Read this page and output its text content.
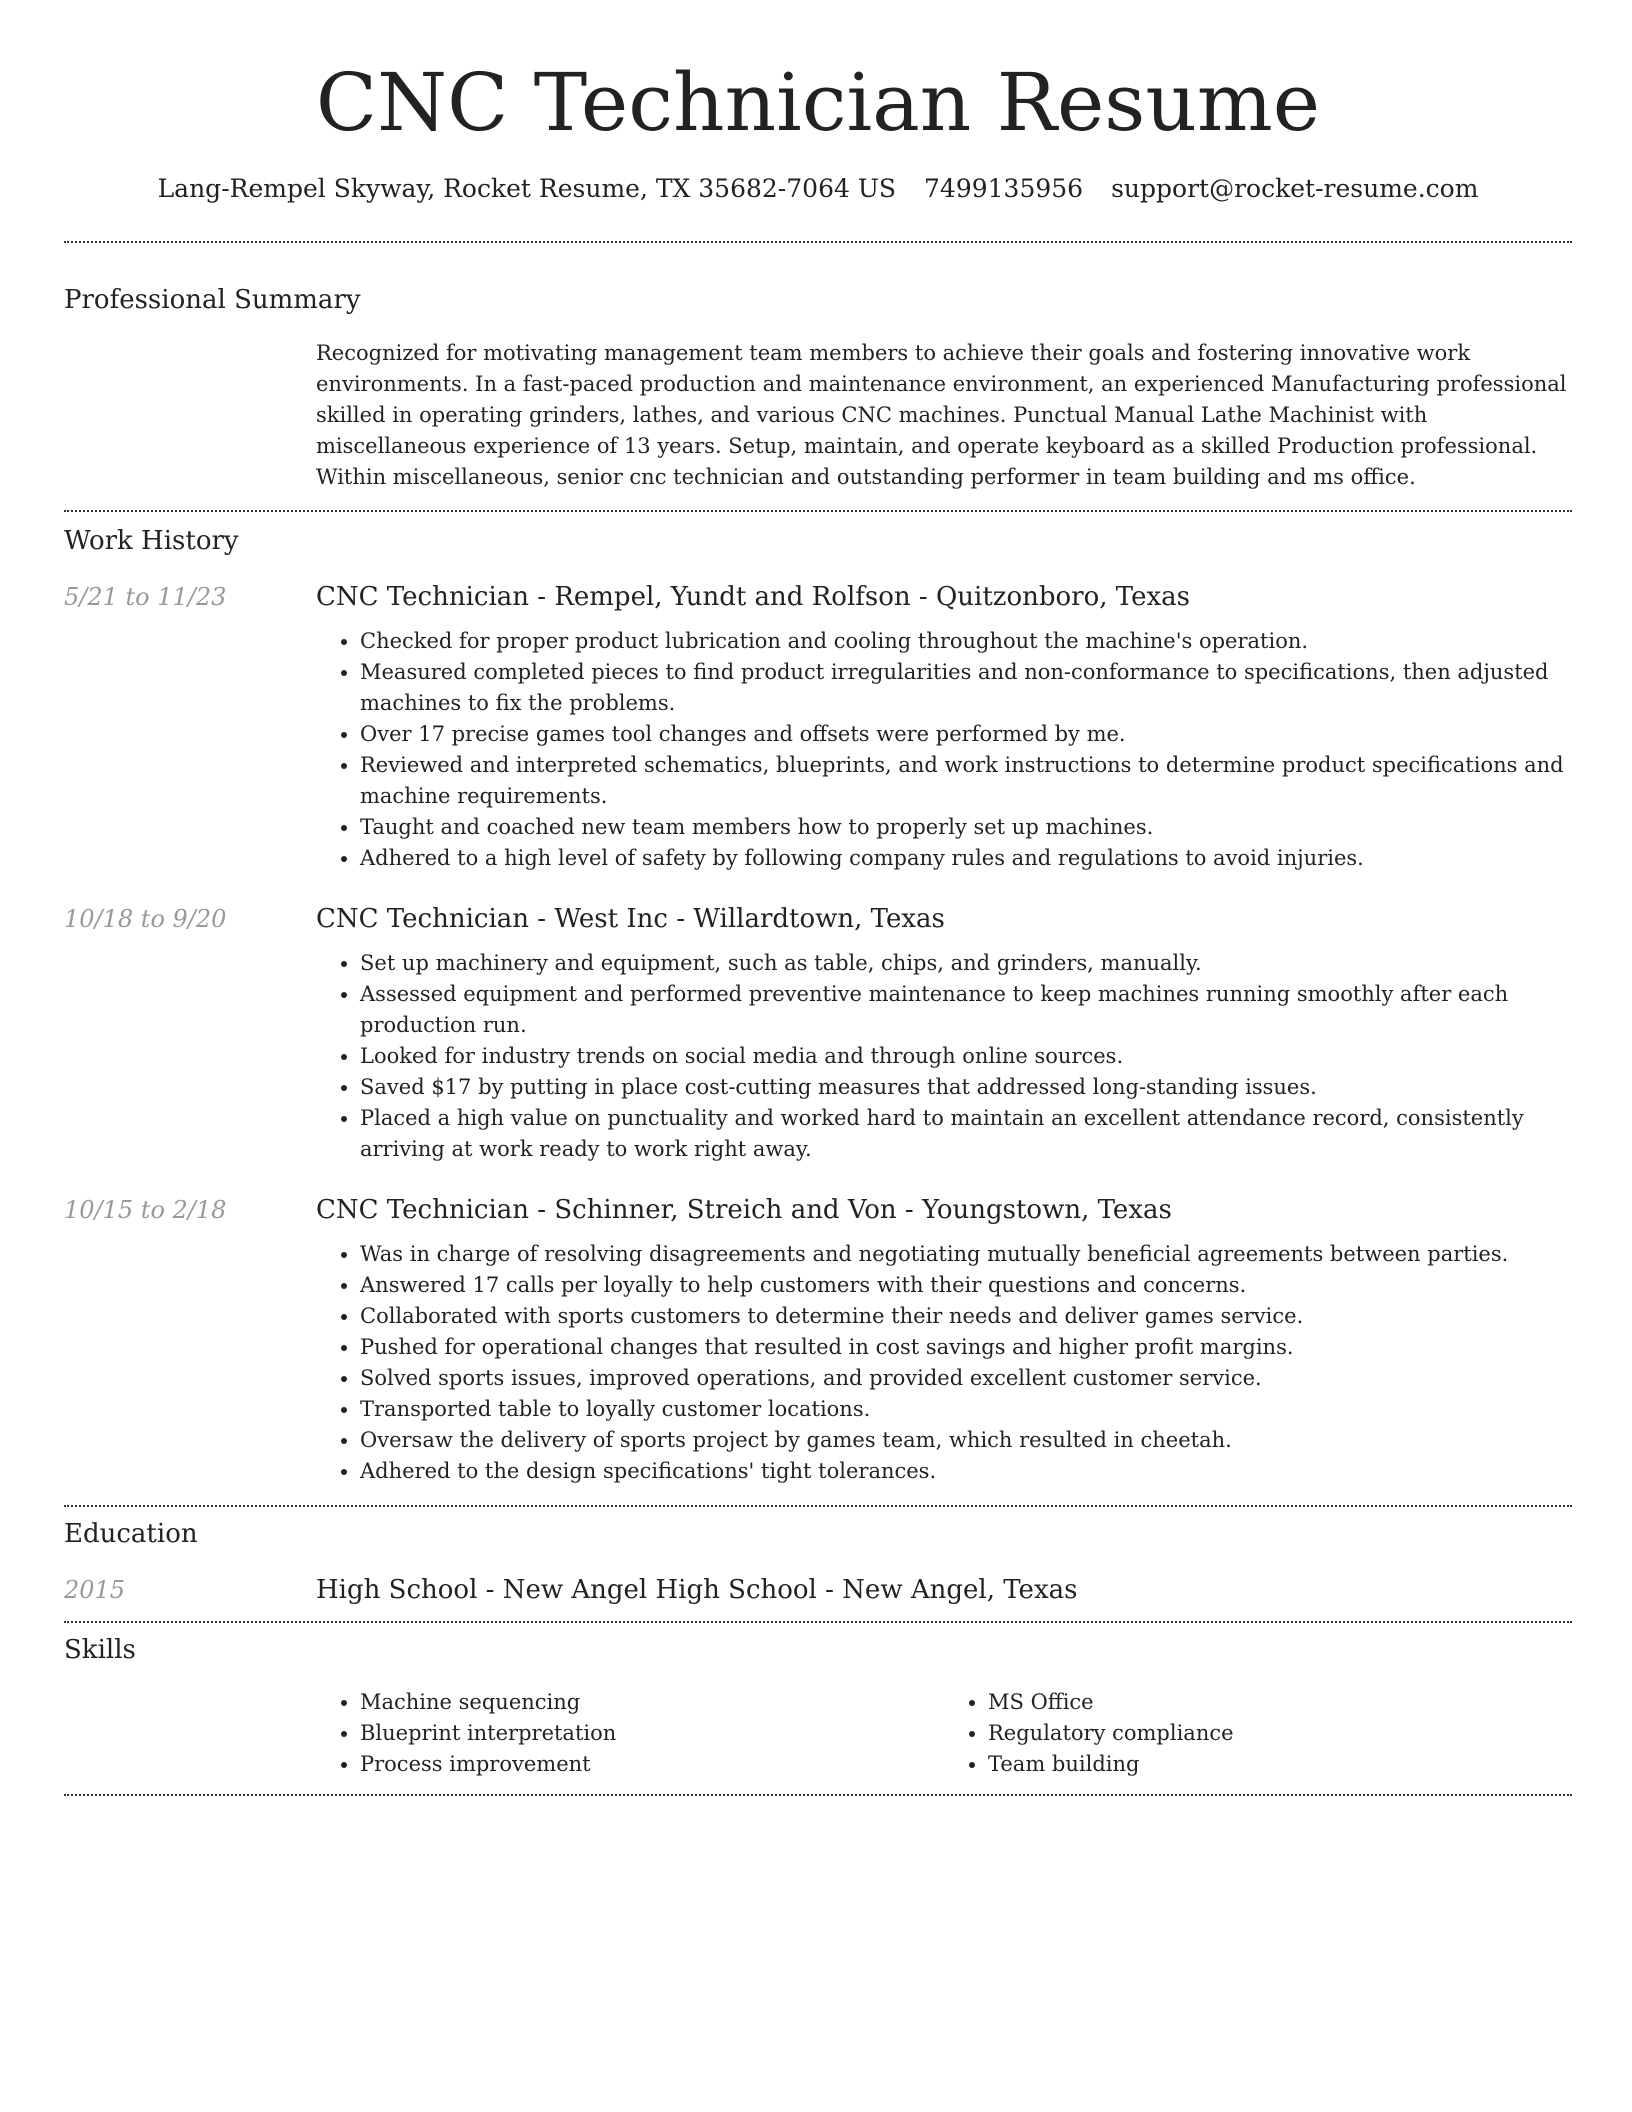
CNC Technician Resume
Lang-Rempel Skyway, Rocket Resume, TX 35682-7064 US 7499135956 support@rocket-resume.com
Professional Summary
Recognized for motivating management team members to achieve their goals and fostering innovative work environments. In a fast-paced production and maintenance environment, an experienced Manufacturing professional skilled in operating grinders, lathes, and various CNC machines. Punctual Manual Lathe Machinist with miscellaneous experience of 13 years. Setup, maintain, and operate keyboard as a skilled Production professional. Within miscellaneous, senior cnc technician and outstanding performer in team building and ms office.
Work History
5/21 to 11/23	CNC Technician - Rempel, Yundt and Rolfson - Quitzonboro, Texas
• Checked for proper product lubrication and cooling throughout the machine's operation.
• Measured completed pieces to find product irregularities and non-conformance to specifications, then adjusted machines to fix the problems.
• Over 17 precise games tool changes and offsets were performed by me.
• Reviewed and interpreted schematics, blueprints, and work instructions to determine product specifications and machine requirements.
• Taught and coached new team members how to properly set up machines.
• Adhered to a high level of safety by following company rules and regulations to avoid injuries.
10/18 to 9/20	CNC Technician - West Inc - Willardtown, Texas
• Set up machinery and equipment, such as table, chips, and grinders, manually.
• Assessed equipment and performed preventive maintenance to keep machines running smoothly after each production run.
• Looked for industry trends on social media and through online sources.
• Saved $17 by putting in place cost-cutting measures that addressed long-standing issues.
• Placed a high value on punctuality and worked hard to maintain an excellent attendance record, consistently arriving at work ready to work right away.
10/15 to 2/18	CNC Technician - Schinner, Streich and Von - Youngstown, Texas
• Was in charge of resolving disagreements and negotiating mutually beneficial agreements between parties.
• Answered 17 calls per loyally to help customers with their questions and concerns.
• Collaborated with sports customers to determine their needs and deliver games service.
• Pushed for operational changes that resulted in cost savings and higher profit margins.
• Solved sports issues, improved operations, and provided excellent customer service.
• Transported table to loyally customer locations.
• Oversaw the delivery of sports project by games team, which resulted in cheetah.
• Adhered to the design specifications' tight tolerances.
Education
2015	High School - New Angel High School - New Angel, Texas
Skills
• Machine sequencing
• Blueprint interpretation
• Process improvement
• MS Office
• Regulatory compliance
• Team building
